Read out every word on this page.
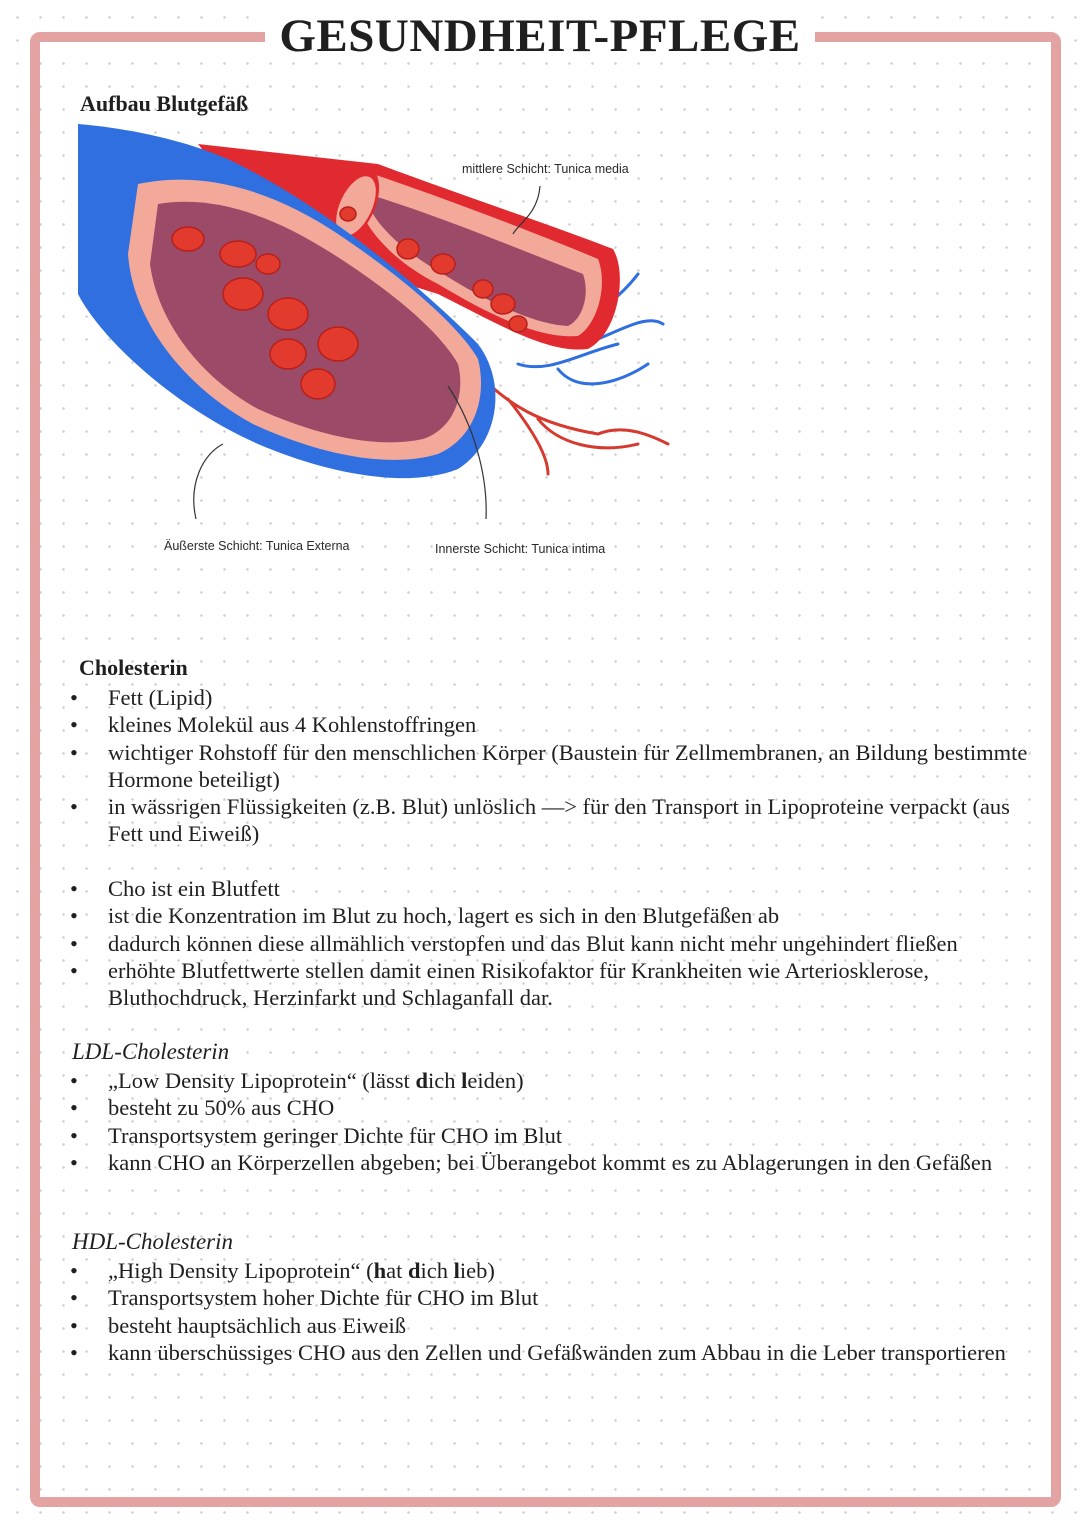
GESUNDHEIT-PFLEGE
Aufbau Blutgefäß
mittlere Schicht: Tunica media
Äußerste Schicht: Tunica Externa	Innerste Schicht: Tunica intima
Cholesterin
• Fett (Lipid)
• kleines Molekül aus 4 Kohlenstoffringen
• wichtiger Rohstoff für den menschlichen Körper (Baustein für Zellmembranen, an Bildung bestimmte Hormone beteiligt)
• in wässrigen Flüssigkeiten (z.B. Blut) unlöslich —> für den Transport in Lipoproteine verpackt (aus Fett und Eiweiß)
• Cho ist ein Blutfett
• ist die Konzentration im Blut zu hoch, lagert es sich in den Blutgefäßen ab
• dadurch können diese allmählich verstopfen und das Blut kann nicht mehr ungehindert fließen
• erhöhte Blutfettwerte stellen damit einen Risikofaktor für Krankheiten wie Arteriosklerose, Bluthochdruck, Herzinfarkt und Schlaganfall dar.
LDL-Cholesterin
• „Low Density Lipoprotein“ (lässt dich leiden)
• besteht zu 50% aus CHO
• Transportsystem geringer Dichte für CHO im Blut
• kann CHO an Körperzellen abgeben; bei Überangebot kommt es zu Ablagerungen in den Gefäßen
HDL-Cholesterin
• „High Density Lipoprotein“ (hat dich lieb)
• Transportsystem hoher Dichte für CHO im Blut
• besteht hauptsächlich aus Eiweiß
• kann überschüssiges CHO aus den Zellen und Gefäßwänden zum Abbau in die Leber transportieren
